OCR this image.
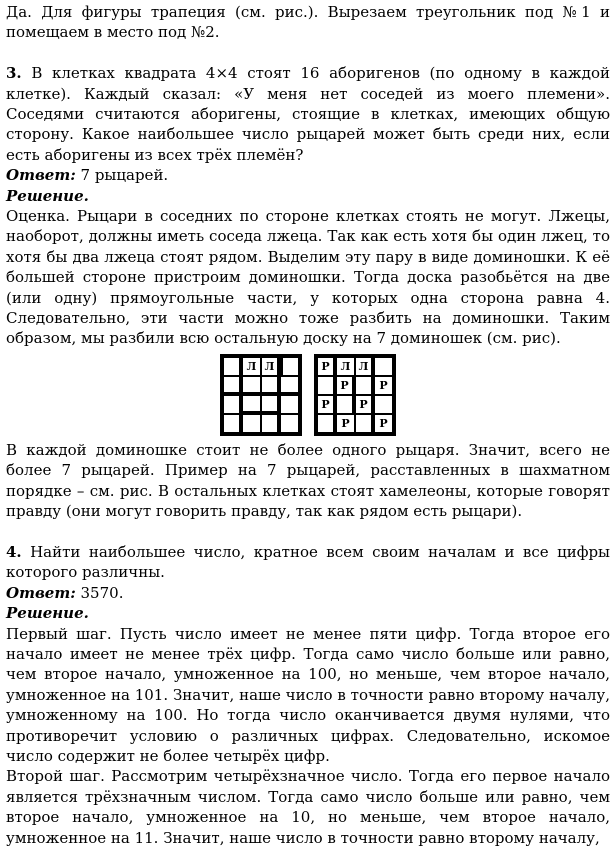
Да. Для фигуры трапеция (см. рис.). Вырезаем треугольник под №1 и помещаем в место под №2.

3. В клетках квадрата 4×4 стоят 16 аборигенов (по одному в каждой клетке). Каждый сказал: «У меня нет соседей из моего племени». Соседями считаются аборигены, стоящие в клетках, имеющих общую сторону. Какое наибольшее число рыцарей может быть среди них, если есть аборигены из всех трёх племён?

Ответ: 7 рыцарей.

Решение.

Оценка. Рыцари в соседних по стороне клетках стоять не могут. Лжецы, наоборот, должны иметь соседа лжеца. Так как есть хотя бы один лжец, то хотя бы два лжеца стоят рядом. Выделим эту пару в виде доминошки. К её большей стороне пристроим доминошки. Тогда доска разобьётся на две (или одну) прямоугольные части, у которых одна сторона равна 4. Следовательно, эти части можно тоже разбить на доминошки. Таким образом, мы разбили всю остальную доску на 7 доминошек (см. рис).

Л Л	Р Л Л
Р	Р
Р	Р
Р	Р

В каждой доминошке стоит не более одного рыцаря. Значит, всего не более 7 рыцарей. Пример на 7 рыцарей, расставленных в шахматном порядке – см. рис. В остальных клетках стоят хамелеоны, которые говорят правду (они могут говорить правду, так как рядом есть рыцари).

4. Найти наибольшее число, кратное всем своим началам и все цифры которого различны.

Ответ: 3570.

Решение.

Первый шаг. Пусть число имеет не менее пяти цифр. Тогда второе его начало имеет не менее трёх цифр. Тогда само число больше или равно, чем второе начало, умноженное на 100, но меньше, чем второе начало, умноженное на 101. Значит, наше число в точности равно второму началу, умноженному на 100. Но тогда число оканчивается двумя нулями, что противоречит условию о различных цифрах. Следовательно, искомое число содержит не более четырёх цифр.

Второй шаг. Рассмотрим четырёхзначное число. Тогда его первое начало является трёхзначным числом. Тогда само число больше или равно, чем второе начало, умноженное на 10, но меньше, чем второе начало, умноженное на 11. Значит, наше число в точности равно второму началу,
